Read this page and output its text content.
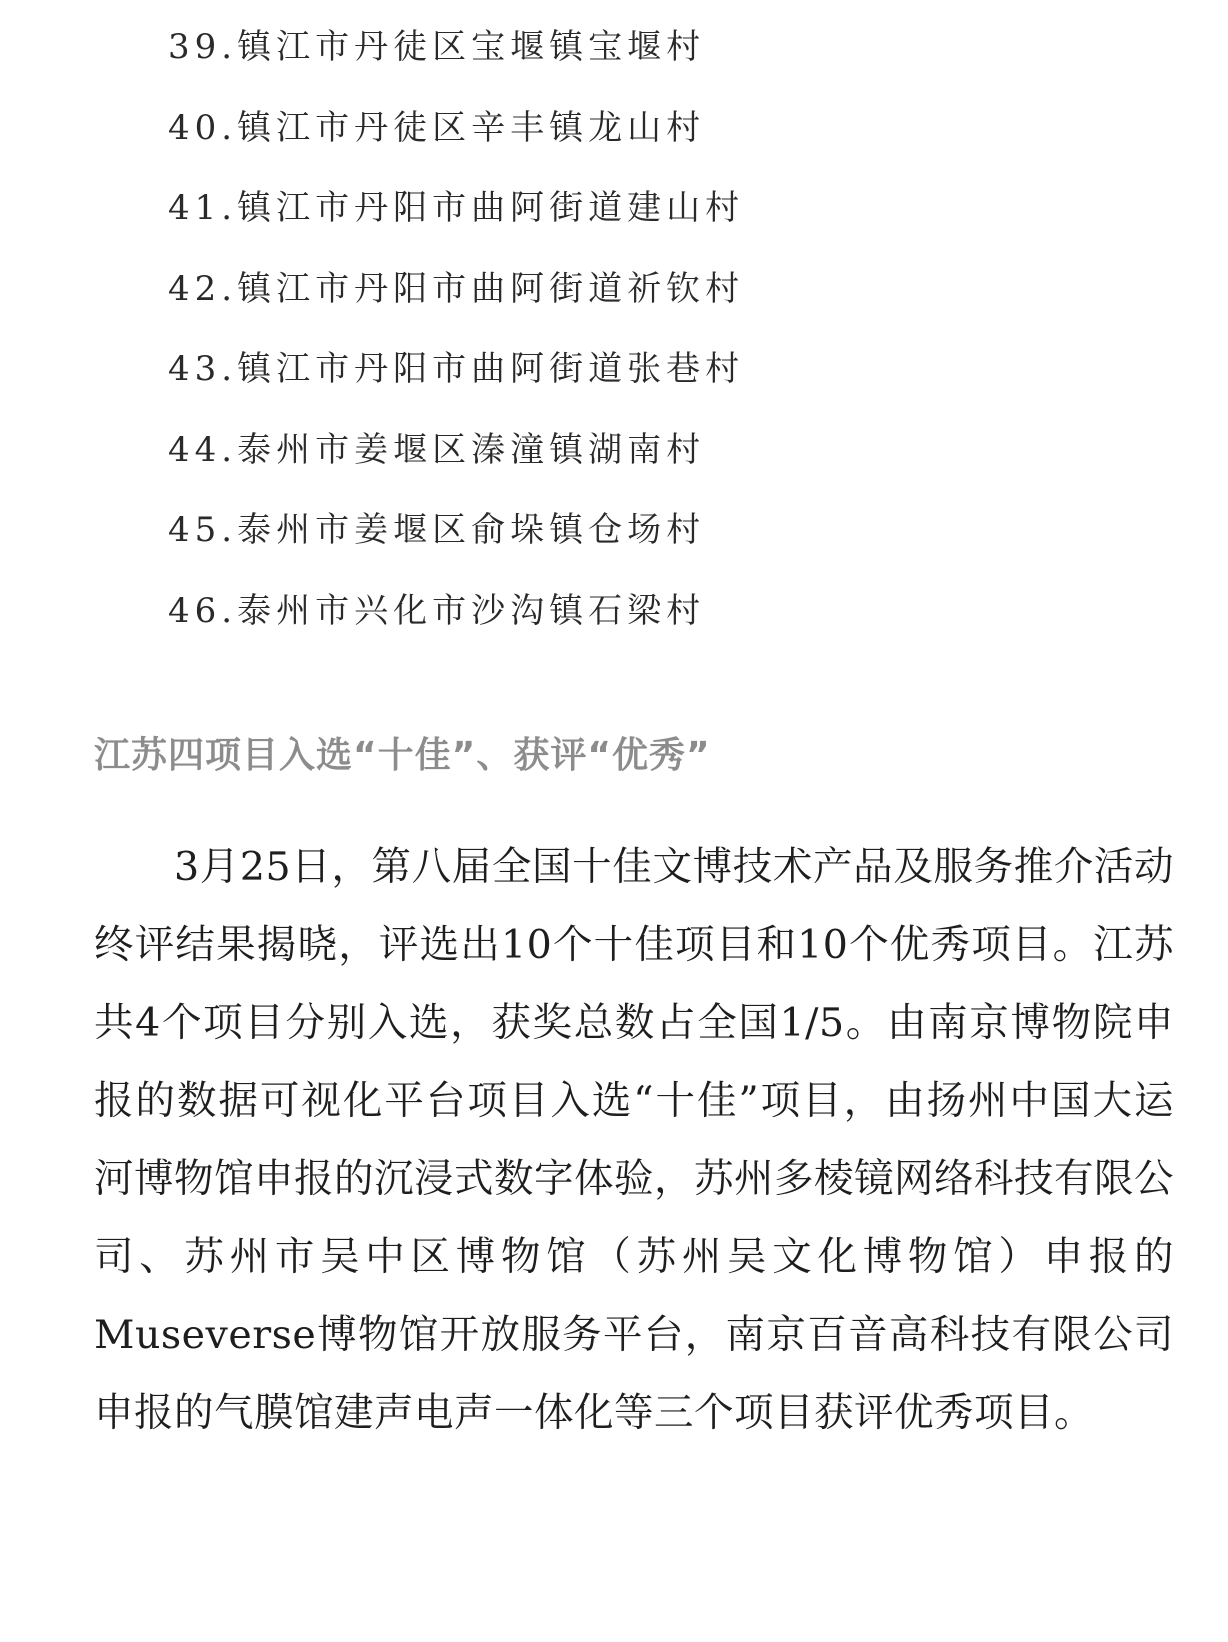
39.镇江市丹徒区宝堰镇宝堰村
40.镇江市丹徒区辛丰镇龙山村
41.镇江市丹阳市曲阿街道建山村
42.镇江市丹阳市曲阿街道祈钦村
43.镇江市丹阳市曲阿街道张巷村
44.泰州市姜堰区溱潼镇湖南村
45.泰州市姜堰区俞垛镇仓场村
46.泰州市兴化市沙沟镇石梁村
江苏四项目入选“十佳”、获评“优秀”

3月25日，第八届全国十佳文博技术产品及服务推介活动终评结果揭晓，评选出10个十佳项目和10个优秀项目。江苏共4个项目分别入选，获奖总数占全国1/5。由南京博物院申报的数据可视化平台项目入选“十佳”项目，由扬州中国大运河博物馆申报的沉浸式数字体验，苏州多棱镜网络科技有限公司、苏州市吴中区博物馆（苏州吴文化博物馆）申报的Museverse博物馆开放服务平台，南京百音高科技有限公司申报的气膜馆建声电声一体化等三个项目获评优秀项目。
